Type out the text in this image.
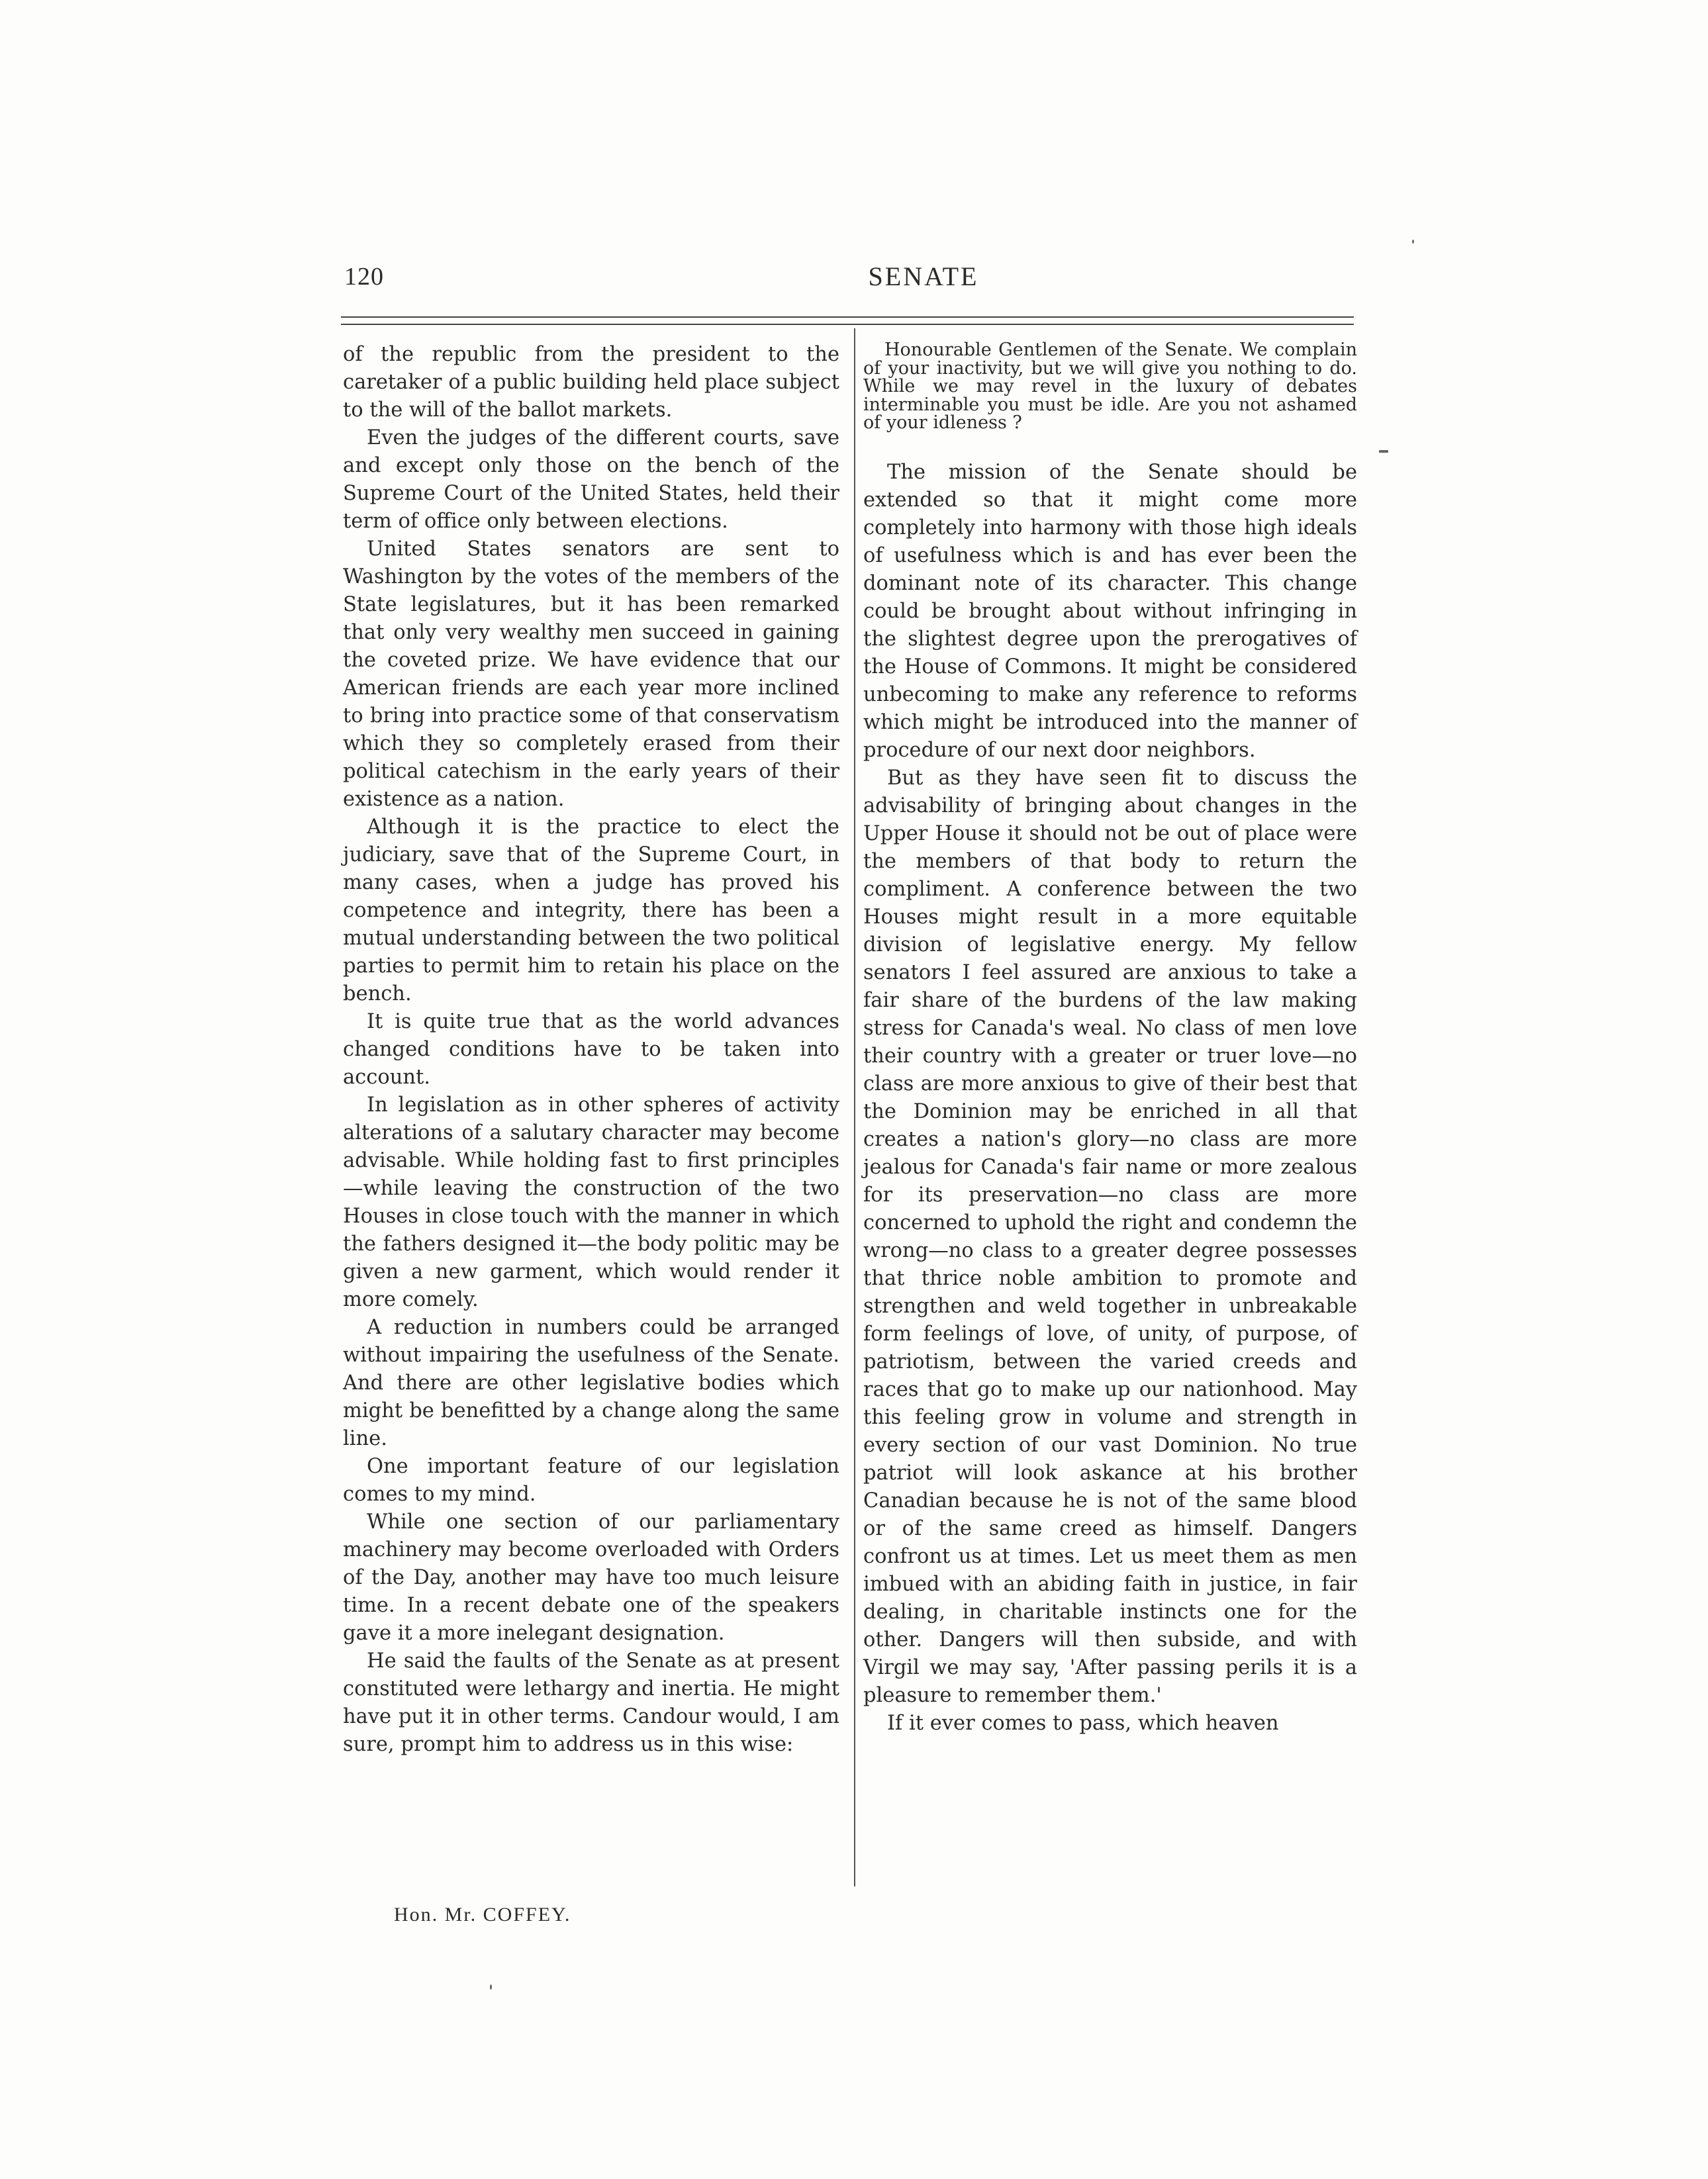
120	SENATE

of the republic from the president to the caretaker of a public building held place subject to the will of the ballot markets.

Even the judges of the different courts, save and except only those on the bench of the Supreme Court of the United States, held their term of office only between elections.

United States senators are sent to Washington by the votes of the members of the State legislatures, but it has been remarked that only very wealthy men succeed in gaining the coveted prize. We have evidence that our American friends are each year more inclined to bring into practice some of that conservatism which they so completely erased from their political catechism in the early years of their existence as a nation.

Although it is the practice to elect the judiciary, save that of the Supreme Court, in many cases, when a judge has proved his competence and integrity, there has been a mutual understanding between the two political parties to permit him to retain his place on the bench.

It is quite true that as the world advances changed conditions have to be taken into account.

In legislation as in other spheres of activity alterations of a salutary character may become advisable. While holding fast to first principles—while leaving the construction of the two Houses in close touch with the manner in which the fathers designed it—the body politic may be given a new garment, which would render it more comely.

A reduction in numbers could be arranged without impairing the usefulness of the Senate. And there are other legislative bodies which might be benefitted by a change along the same line.

One important feature of our legislation comes to my mind.

While one section of our parliamentary machinery may become overloaded with Orders of the Day, another may have too much leisure time. In a recent debate one of the speakers gave it a more inelegant designation.

He said the faults of the Senate as at present constituted were lethargy and inertia. He might have put it in other terms. Candour would, I am sure, prompt him to address us in this wise:

Hon. Mr. COFFEY.

Honourable Gentlemen of the Senate. We complain of your inactivity, but we will give you nothing to do. While we may revel in the luxury of debates interminable you must be idle. Are you not ashamed of your idleness ?

The mission of the Senate should be extended so that it might come more completely into harmony with those high ideals of usefulness which is and has ever been the dominant note of its character. This change could be brought about without infringing in the slightest degree upon the prerogatives of the House of Commons. It might be considered unbecoming to make any reference to reforms which might be introduced into the manner of procedure of our next door neighbors.

But as they have seen fit to discuss the advisability of bringing about changes in the Upper House it should not be out of place were the members of that body to return the compliment. A conference between the two Houses might result in a more equitable division of legislative energy. My fellow senators I feel assured are anxious to take a fair share of the burdens of the law making stress for Canada's weal. No class of men love their country with a greater or truer love—no class are more anxious to give of their best that the Dominion may be enriched in all that creates a nation's glory—no class are more jealous for Canada's fair name or more zealous for its preservation—no class are more concerned to uphold the right and condemn the wrong—no class to a greater degree possesses that thrice noble ambition to promote and strengthen and weld together in unbreakable form feelings of love, of unity, of purpose, of patriotism, between the varied creeds and races that go to make up our nationhood. May this feeling grow in volume and strength in every section of our vast Dominion. No true patriot will look askance at his brother Canadian because he is not of the same blood or of the same creed as himself. Dangers confront us at times. Let us meet them as men imbued with an abiding faith in justice, in fair dealing, in charitable instincts one for the other. Dangers will then subside, and with Virgil we may say, 'After passing perils it is a pleasure to remember them.'

If it ever comes to pass, which heaven
